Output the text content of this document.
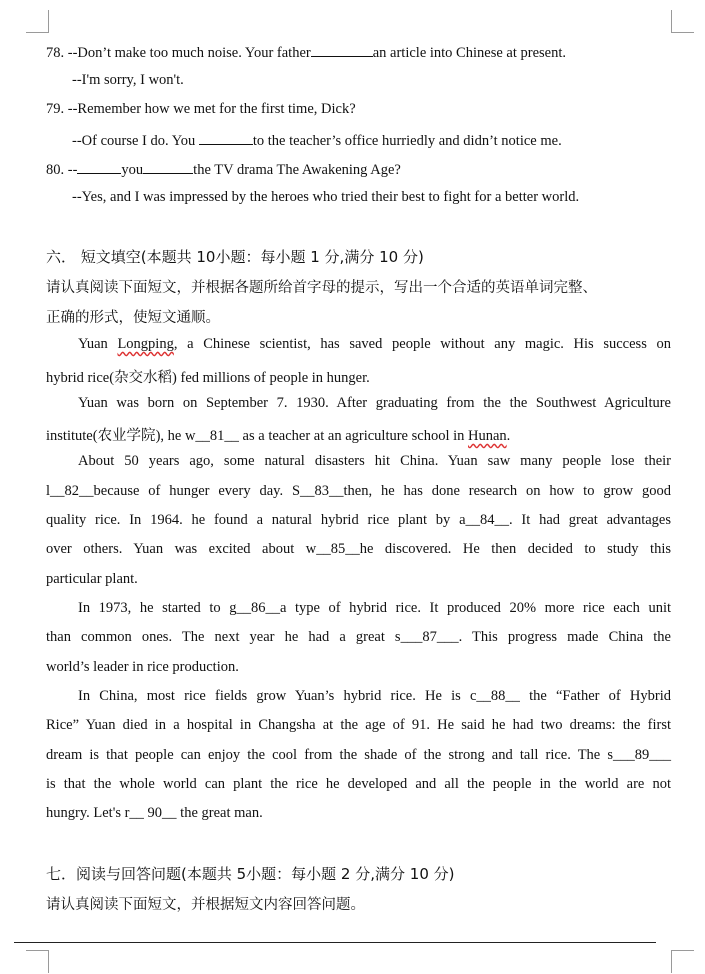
78. --Don’t make too much noise. Your father	an article into Chinese at present.
--I'm sorry, I won't.
79. --Remember how we met for the first time, Dick?
--Of course I do. You	to the teacher’s office hurriedly and didn’t notice me.
80. --	you	the TV drama The Awakening Age?
--Yes, and I was impressed by the heroes who tried their best to fight for a better world.
六． 短文填空(本题共 10小题：每小题 1 分,满分 10 分)
请认真阅读下面短文，并根据各题所给首字母的提示，写出一个合适的英语单词完整、
正确的形式，使短文通顺。
Yuan Longping, a Chinese scientist, has saved people without any magic. His success on
hybrid rice(杂交水稻) fed millions of people in hunger.
Yuan was born on September 7. 1930. After graduating from the the Southwest Agriculture
institute(农业学院), he w__81__ as a teacher at an agriculture school in Hunan.
About 50 years ago, some natural disasters hit China. Yuan saw many people lose their
l__82__because of hunger every day. S__83__then, he has done research on how to grow good
quality rice. In 1964. he found a natural hybrid rice plant by a__84__. It had great advantages
over others. Yuan was excited about w__85__he discovered. He then decided to study this
particular plant.
In 1973, he started to g__86__a type of hybrid rice. It produced 20% more rice each unit
than common ones. The next year he had a great s___87___. This progress made China the
world’s leader in rice production.
In China, most rice fields grow Yuan’s hybrid rice. He is c__88__ the “Father of Hybrid
Rice” Yuan died in a hospital in Changsha at the age of 91. He said he had two dreams: the first
dream is that people can enjoy the cool from the shade of the strong and tall rice. The s___89___
is that the whole world can plant the rice he developed and all the people in the world are not
hungry. Let's r__ 90__ the great man.
七．阅读与回答问题(本题共 5小题：每小题 2 分,满分 10 分)
请认真阅读下面短文，并根据短文内容回答问题。
